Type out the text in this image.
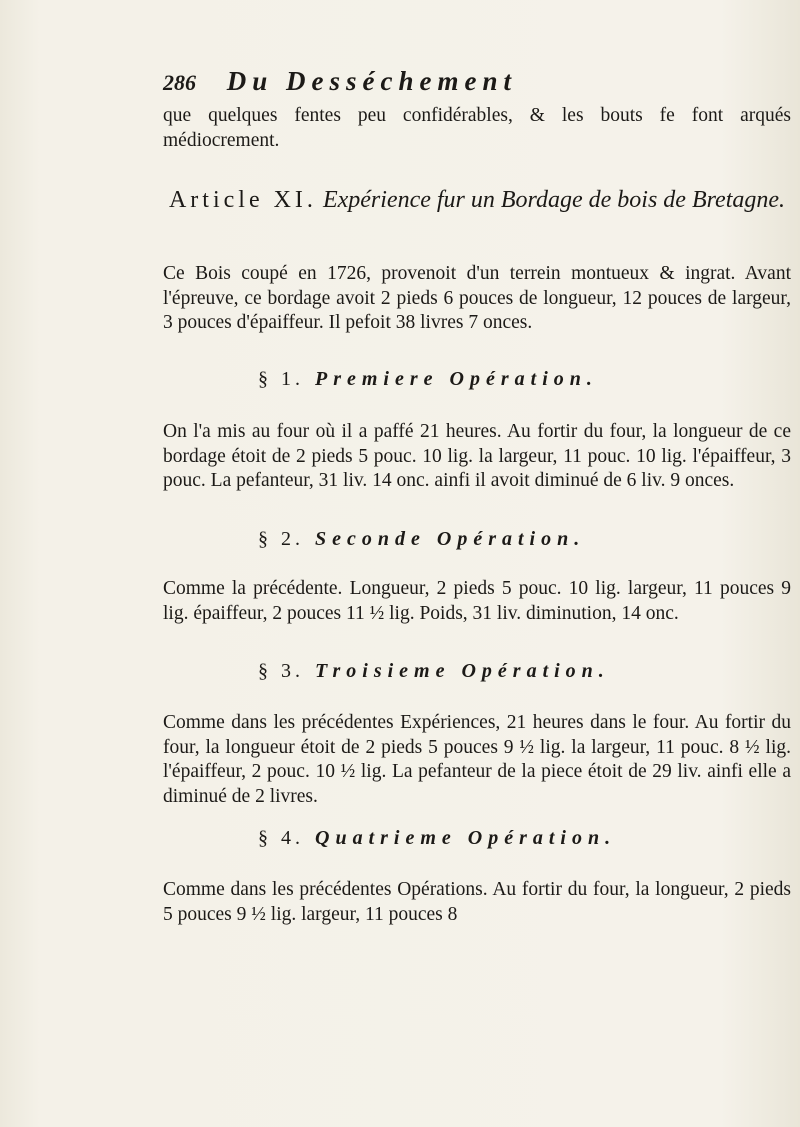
286 Du Desséchement
que quelques fentes peu confidérables, & les bouts fe font arqués médiocrement.
Article XI. Expérience fur un Bordage de bois de Bretagne.
Ce Bois coupé en 1726, provenoit d'un terrein montueux & ingrat. Avant l'épreuve, ce bordage avoit 2 pieds 6 pouces de longueur, 12 pouces de largeur, 3 pouces d'épaiffeur. Il pefoit 38 livres 7 onces.
§ 1. Premiere Opération.
On l'a mis au four où il a paffé 21 heures. Au fortir du four, la longueur de ce bordage étoit de 2 pieds 5 pouc. 10 lig. la largeur, 11 pouc. 10 lig. l'épaiffeur, 3 pouc. La pefanteur, 31 liv. 14 onc. ainfi il avoit diminué de 6 liv. 9 onces.
§ 2. Seconde Opération.
Comme la précédente. Longueur, 2 pieds 5 pouc. 10 lig. largeur, 11 pouces 9 lig. épaiffeur, 2 pouces 11 ½ lig. Poids, 31 liv. diminution, 14 onc.
§ 3. Troisieme Opération.
Comme dans les précédentes Expériences, 21 heures dans le four. Au fortir du four, la longueur étoit de 2 pieds 5 pouces 9 ½ lig. la largeur, 11 pouc. 8 ½ lig. l'épaiffeur, 2 pouc. 10 ½ lig. La pefanteur de la piece étoit de 29 liv. ainfi elle a diminué de 2 livres.
§ 4. Quatrieme Opération.
Comme dans les précédentes Opérations. Au fortir du four, la longueur, 2 pieds 5 pouces 9 ½ lig. largeur, 11 pouces 8
